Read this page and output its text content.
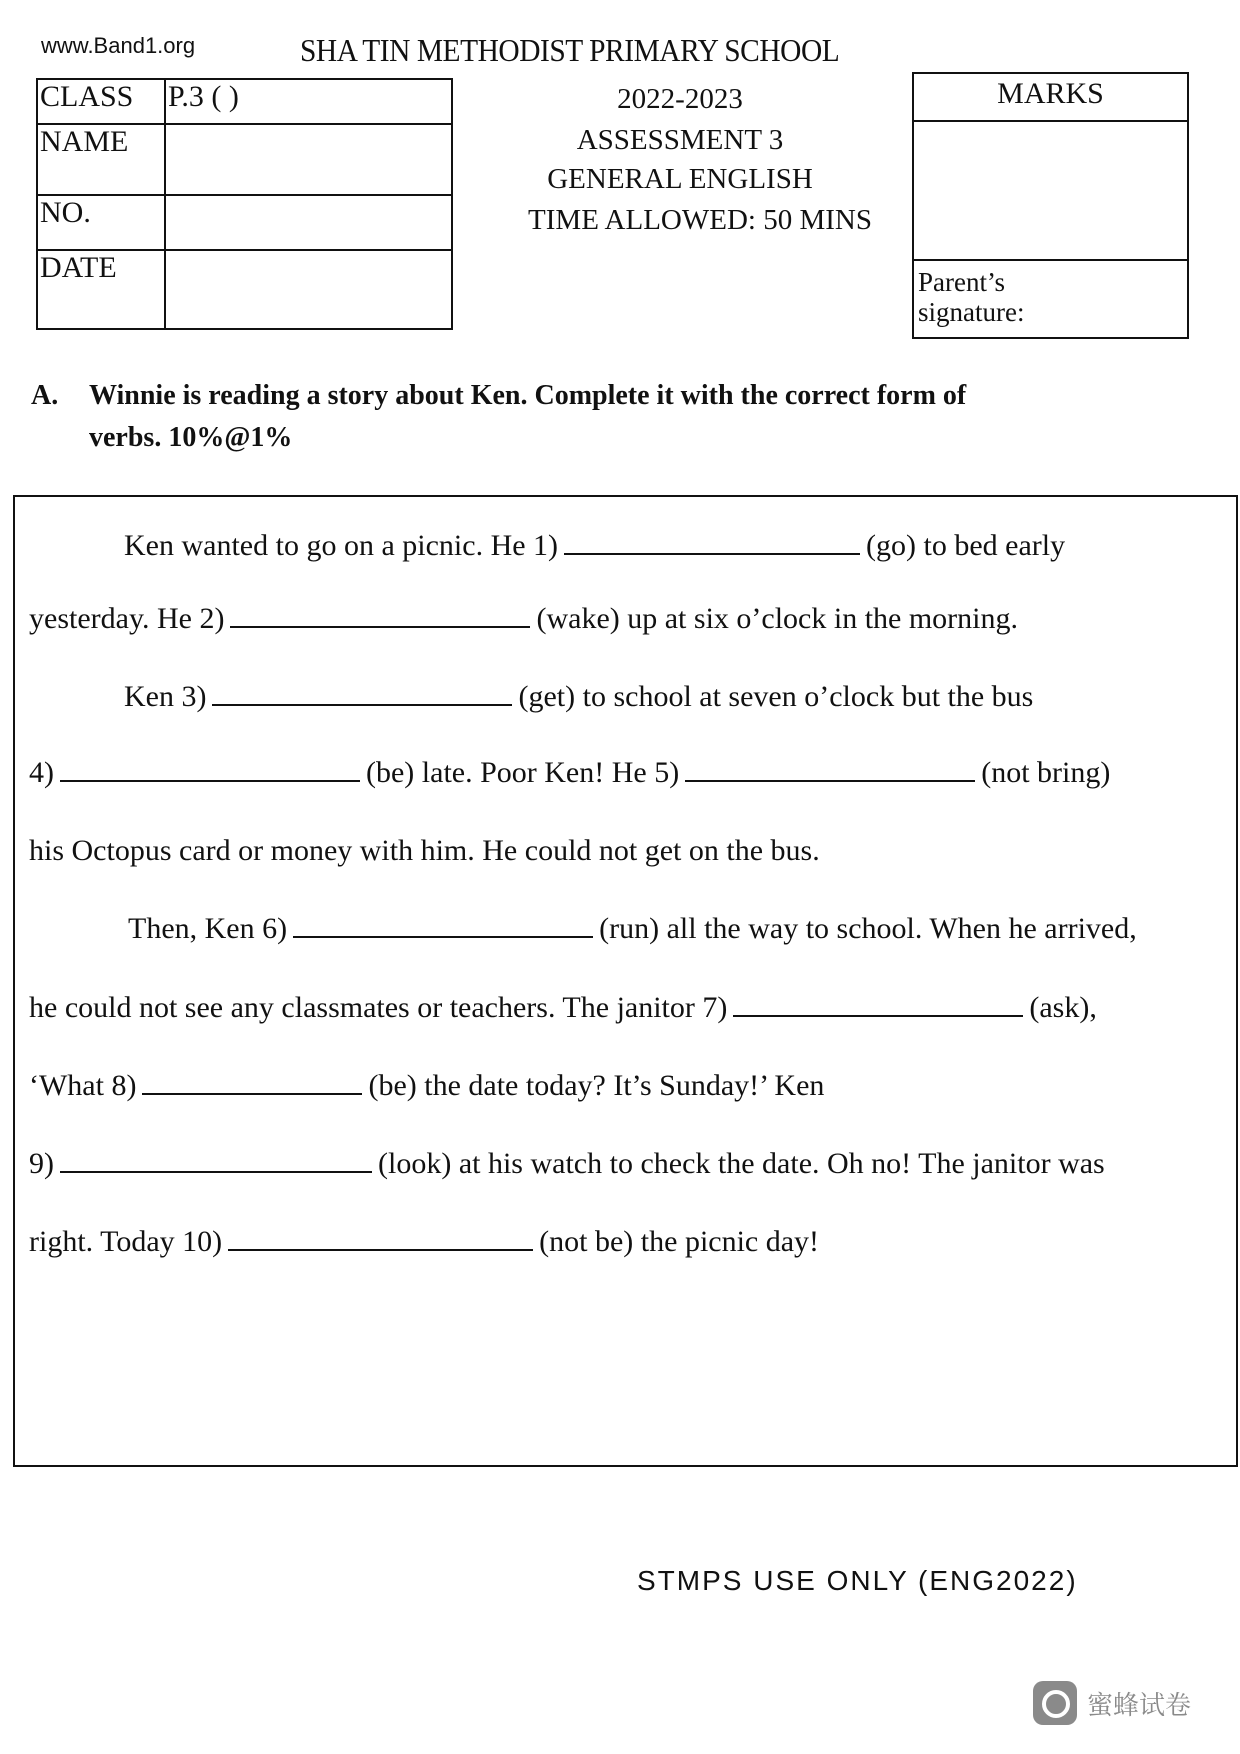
www.Band1.org	SHA TIN METHODIST PRIMARY SCHOOL
CLASS	P.3 ( )
NAME	
NO.	
DATE	
2022-2023
ASSESSMENT 3
GENERAL ENGLISH
TIME ALLOWED: 50 MINS
MARKS
Parent’s signature:
A. Winnie is reading a story about Ken. Complete it with the correct form of
verbs. 10%@1%
Ken wanted to go on a picnic. He 1)	(go) to bed early
yesterday. He 2)	(wake) up at six o’clock in the morning.
Ken 3)	(get) to school at seven o’clock but the bus
4)	(be) late. Poor Ken! He 5)	(not bring)
his Octopus card or money with him. He could not get on the bus.
Then, Ken 6)	(run) all the way to school. When he arrived,
he could not see any classmates or teachers. The janitor 7)	(ask),
‘What 8)	(be) the date today? It’s Sunday!’ Ken
9)	(look) at his watch to check the date. Oh no! The janitor was
right. Today 10)	(not be) the picnic day!
STMPS USE ONLY (ENG2022)
蜜蜂试卷
